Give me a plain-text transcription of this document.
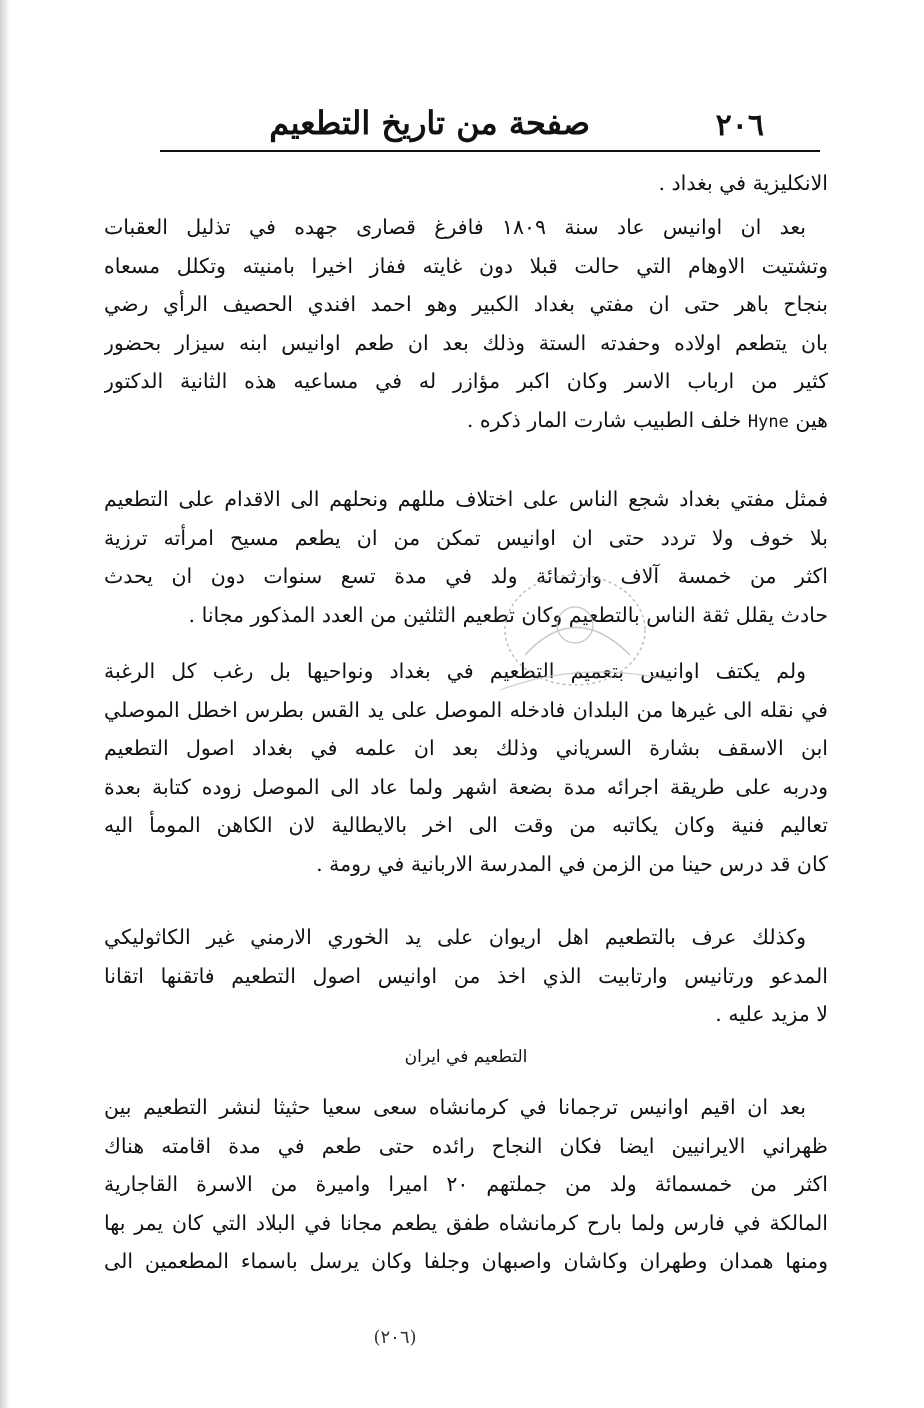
صفحة من تاريخ التطعيم	٢٠٦
الانكليزية في بغداد .
بعد ان اوانيس عاد سنة ١٨٠٩ فافرغ قصارى جهده في تذليل العقبات
وتشتيت الاوهام التي حالت قبلا دون غايته ففاز اخيرا بامنيته وتكلل مسعاه
بنجاح باهر حتى ان مفتي بغداد الكبير وهو احمد افندي الحصيف الرأي رضي
بان يتطعم اولاده وحفدته الستة وذلك بعد ان طعم اوانيس ابنه سيزار بحضور
كثير من ارباب الاسر وكان اكبر مؤازر له في مساعيه هذه الثانية الدكتور
هين Hyne خلف الطبيب شارت المار ذكره .
فمثل مفتي بغداد شجع الناس على اختلاف مللهم ونحلهم الى الاقدام على التطعيم
بلا خوف ولا تردد حتى ان اوانيس تمكن من ان يطعم مسيح امرأته ترزية
اكثر من خمسة آلاف وارثمائة ولد في مدة تسع سنوات دون ان يحدث
حادث يقلل ثقة الناس بالتطعيم وكان تطعيم الثلثين من العدد المذكور مجانا .
ولم يكتف اوانيس بتعميم التطعيم في بغداد ونواحيها بل رغب كل الرغبة
في نقله الى غيرها من البلدان فادخله الموصل على يد القس بطرس اخطل الموصلي
ابن الاسقف بشارة السرياني وذلك بعد ان علمه في بغداد اصول التطعيم
ودربه على طريقة اجرائه مدة بضعة اشهر ولما عاد الى الموصل زوده كتابة بعدة
تعاليم فنية وكان يكاتبه من وقت الى اخر بالايطالية لان الكاهن المومأ اليه
كان قد درس حينا من الزمن في المدرسة الاربانية في رومة .
وكذلك عرف بالتطعيم اهل اريوان على يد الخوري الارمني غير الكاثوليكي
المدعو ورتانيس وارتابيت الذي اخذ من اوانيس اصول التطعيم فاتقنها اتقانا
لا مزيد عليه .
التطعيم في ايران
بعد ان اقيم اوانيس ترجمانا في كرمانشاه سعى سعيا حثيثا لنشر التطعيم بين
ظهراني الايرانيين ايضا فكان النجاح رائده حتى طعم في مدة اقامته هناك
اكثر من خمسمائة ولد من جملتهم ٢٠ اميرا واميرة من الاسرة القاجارية
المالكة في فارس ولما بارح كرمانشاه طفق يطعم مجانا في البلاد التي كان يمر بها
ومنها همدان وطهران وكاشان واصبهان وجلفا وكان يرسل باسماء المطعمين الى
(٢٠٦)
